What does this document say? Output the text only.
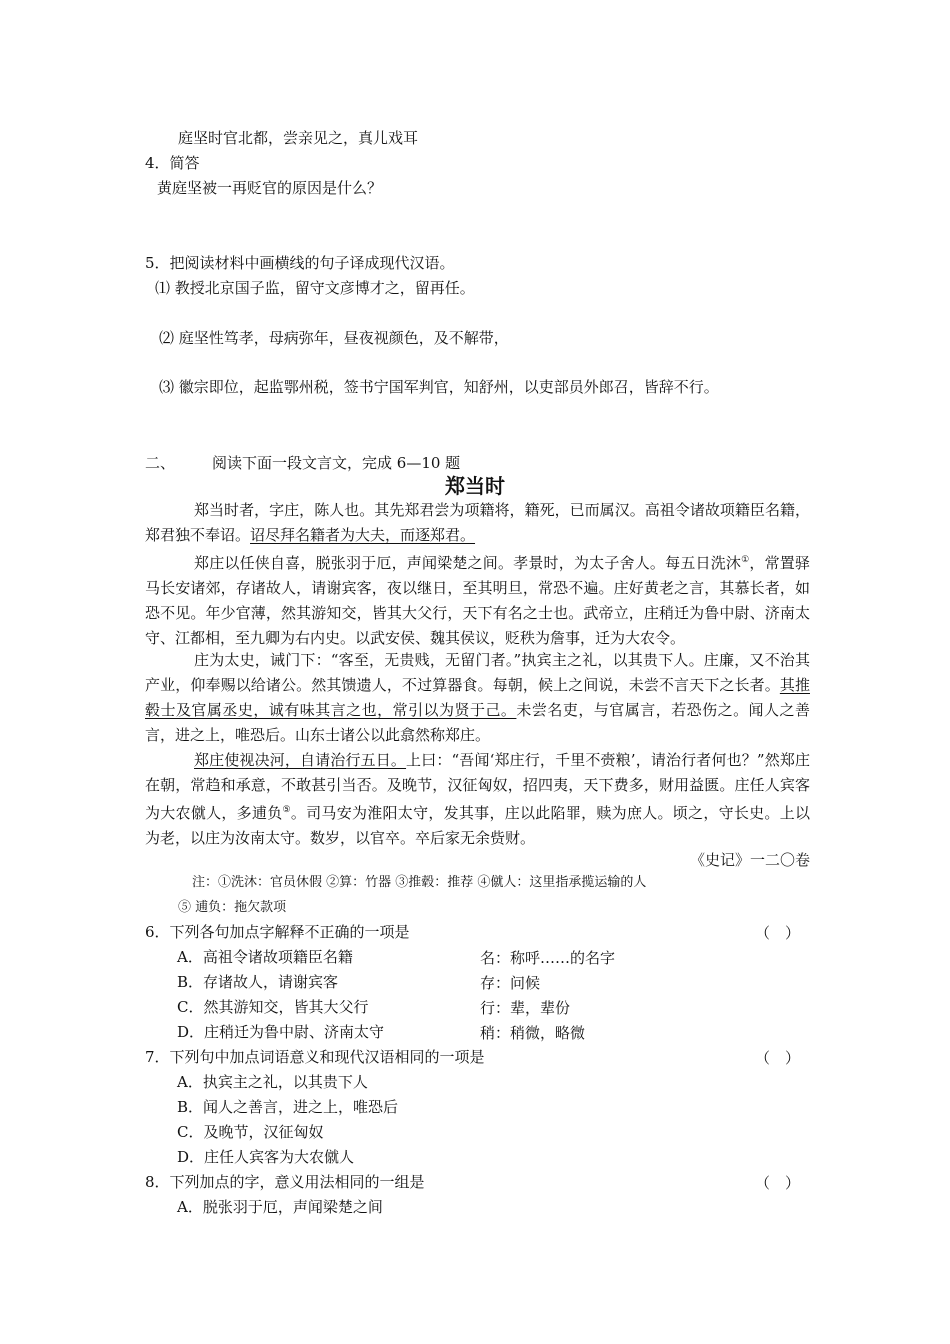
庭坚时官北都，尝亲见之，真儿戏耳
4．简答
黄庭坚被一再贬官的原因是什么？
5．把阅读材料中画横线的句子译成现代汉语。
⑴ 教授北京国子监，留守文彦博才之，留再任。
⑵ 庭坚性笃孝，母病弥年，昼夜视颜色，及不解带，
⑶ 徽宗即位，起监鄂州税，签书宁国军判官，知舒州，以吏部员外郎召，皆辞不行。
二、 阅读下面一段文言文，完成 6—10 题
郑当时
郑当时者，字庄，陈人也。其先郑君尝为项籍将，籍死，已而属汉。高祖令诸故项籍臣名籍，郑君独不奉诏。诏尽拜名籍者为大夫，而逐郑君。
郑庄以任侠自喜，脱张羽于厄，声闻梁楚之间。孝景时，为太子舍人。每五日洗沐①，常置驿马长安诸郊，存诸故人，请谢宾客，夜以继日，至其明旦，常恐不遍。庄好黄老之言，其慕长者，如恐不见。年少官薄，然其游知交，皆其大父行，天下有名之士也。武帝立，庄稍迁为鲁中尉、济南太守、江都相，至九卿为右内史。以武安侯、魏其侯议，贬秩为詹事，迁为大农令。
庄为太史，诫门下：“客至，无贵贱，无留门者。”执宾主之礼，以其贵下人。庄廉，又不治其产业，仰奉赐以给诸公。然其馈遗人，不过算器食。每朝，候上之间说，未尝不言天下之长者。其推毂士及官属丞史，诚有味其言之也，常引以为贤于己。未尝名吏，与官属言，若恐伤之。闻人之善言，进之上，唯恐后。山东士诸公以此翕然称郑庄。
郑庄使视决河，自请治行五日。上曰：“吾闻‘郑庄行，千里不赍粮’，请治行者何也？”然郑庄在朝，常趋和承意，不敢甚引当否。及晚节，汉征匈奴，招四夷，天下费多，财用益匮。庄任人宾客为大农僦人，多逋负⑤。司马安为淮阳太守，发其事，庄以此陷罪，赎为庶人。顷之，守长史。上以为老，以庄为汝南太守。数岁，以官卒。卒后家无余赀财。
《史记》一二〇卷
注：①洗沐：官员休假 ②算：竹器 ③推毂：推荐 ④僦人：这里指承揽运输的人
⑤ 逋负：拖欠款项
6．下列各句加点字解释不正确的一项是	（　）
A．高祖令诸故项籍臣名籍	名：称呼……的名字
B．存诸故人，请谢宾客	存：问候
C．然其游知交，皆其大父行	行：辈，辈份
D．庄稍迁为鲁中尉、济南太守	稍：稍微，略微
7．下列句中加点词语意义和现代汉语相同的一项是	（　）
A．执宾主之礼，以其贵下人
B．闻人之善言，进之上，唯恐后
C．及晚节，汉征匈奴
D．庄任人宾客为大农僦人
8．下列加点的字，意义用法相同的一组是	（　）
A．脱张羽于厄，声闻梁楚之间
